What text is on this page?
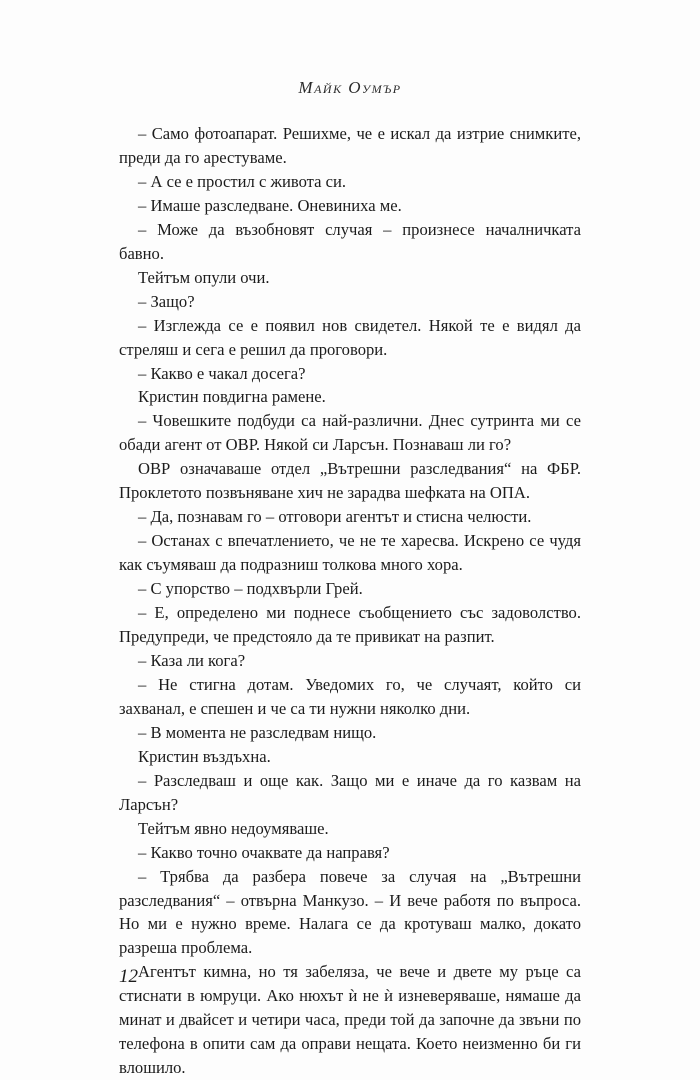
Майк Оумър

– Само фотоапарат. Решихме, че е искал да изтрие снимките, преди да го арестуваме.

– А се е простил с живота си.

– Имаше разследване. Оневиниха ме.

– Може да възобновят случая – произнесе началничката бавно.

Тейтъм опули очи.

– Защо?

– Изглежда се е появил нов свидетел. Някой те е видял да стреляш и сега е решил да проговори.

– Какво е чакал досега?

Кристин повдигна рамене.

– Човешките подбуди са най-различни. Днес сутринта ми се обади агент от ОВР. Някой си Ларсън. Познаваш ли го?

ОВР означаваше отдел „Вътрешни разследвания“ на ФБР. Проклетото позвъняване хич не зарадва шефката на ОПА.

– Да, познавам го – отговори агентът и стисна челюсти.

– Останах с впечатлението, че не те харесва. Искрено се чудя как съумяваш да подразниш толкова много хора.

– С упорство – подхвърли Грей.

– Е, определено ми поднесе съобщението със задоволство. Предупреди, че предстояло да те привикат на разпит.

– Каза ли кога?

– Не стигна дотам. Уведомих го, че случаят, който си захванал, е спешен и че са ти нужни няколко дни.

– В момента не разследвам нищо.

Кристин въздъхна.

– Разследваш и още как. Защо ми е иначе да го казвам на Ларсън?

Тейтъм явно недоумяваше.

– Какво точно очаквате да направя?

– Трябва да разбера повече за случая на „Вътрешни разследвания“ – отвърна Манкузо. – И вече работя по въпроса. Но ми е нужно време. Налага се да кротуваш малко, докато разреша проблема.

Агентът кимна, но тя забеляза, че вече и двете му ръце са стиснати в юмруци. Ако нюхът ѝ не ѝ изневеряваше, нямаше да минат и двайсет и четири часа, преди той да започне да звъни по телефона в опити сам да оправи нещата. Което неизменно би ги влошило.

12
